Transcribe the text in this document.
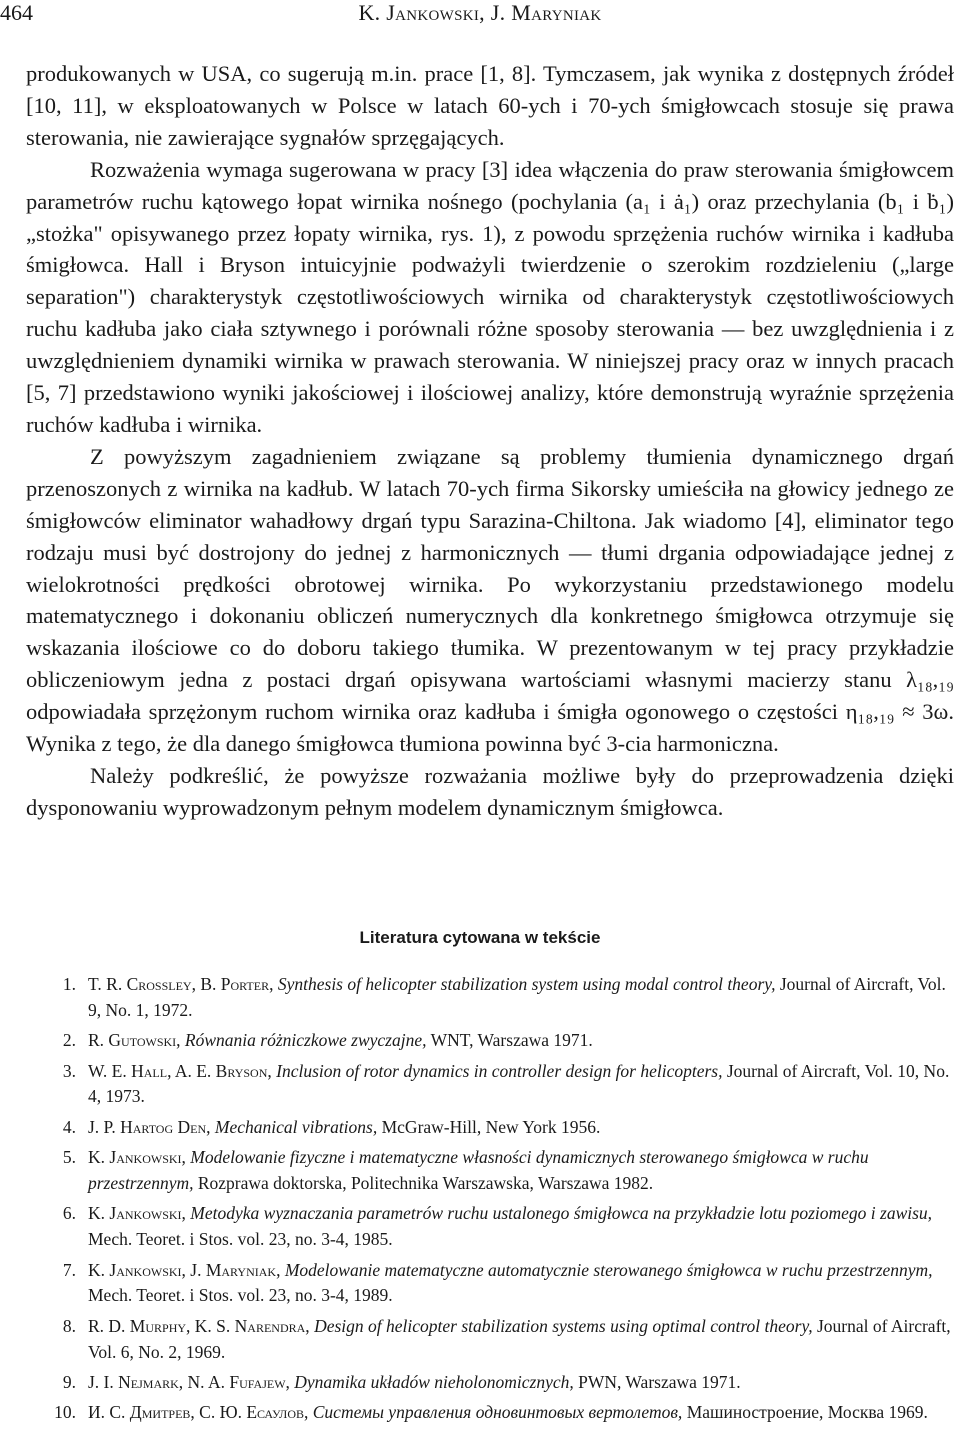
464	K. Jankowski, J. Maryniak

produkowanych w USA, co sugerują m.in. prace [1, 8]. Tymczasem, jak wynika z dostępnych źródeł [10, 11], w eksploatowanych w Polsce w latach 60-ych i 70-ych śmigłowcach stosuje się prawa sterowania, nie zawierające sygnałów sprzęgających.

Rozważenia wymaga sugerowana w pracy [3] idea włączenia do praw sterowania śmigłowcem parametrów ruchu kątowego łopat wirnika nośnego (pochylania (a₁ i ȧ₁) oraz przechylania (b₁ i ḃ₁) „stożka" opisywanego przez łopaty wirnika, rys. 1), z powodu sprzężenia ruchów wirnika i kadłuba śmigłowca. Hall i Bryson intuicyjnie podważyli twierdzenie o szerokim rozdzieleniu („large separation") charakterystyk częstotliwościowych wirnika od charakterystyk częstotliwościowych ruchu kadłuba jako ciała sztywnego i porównali różne sposoby sterowania — bez uwzględnienia i z uwzględnieniem dynamiki wirnika w prawach sterowania. W niniejszej pracy oraz w innych pracach [5, 7] przedstawiono wyniki jakościowej i ilościowej analizy, które demonstrują wyraźnie sprzężenia ruchów kadłuba i wirnika.

Z powyższym zagadnieniem związane są problemy tłumienia dynamicznego drgań przenoszonych z wirnika na kadłub. W latach 70-ych firma Sikorsky umieściła na głowicy jednego ze śmigłowców eliminator wahadłowy drgań typu Sarazina-Chiltona. Jak wiadomo [4], eliminator tego rodzaju musi być dostrojony do jednej z harmonicznych — tłumi drgania odpowiadające jednej z wielokrotności prędkości obrotowej wirnika. Po wykorzystaniu przedstawionego modelu matematycznego i dokonaniu obliczeń numerycznych dla konkretnego śmigłowca otrzymuje się wskazania ilościowe co do doboru takiego tłumika. W prezentowanym w tej pracy przykładzie obliczeniowym jedna z postaci drgań opisywana wartościami własnymi macierzy stanu λ₁₈,₁₉ odpowiadała sprzężonym ruchom wirnika oraz kadłuba i śmigła ogonowego o częstości η₁₈,₁₉ ≈ 3ω. Wynika z tego, że dla danego śmigłowca tłumiona powinna być 3-cia harmoniczna.

Należy podkreślić, że powyższe rozważania możliwe były do przeprowadzenia dzięki dysponowaniu wyprowadzonym pełnym modelem dynamicznym śmigłowca.

Literatura cytowana w tekście
1. T. R. Crossley, B. Porter, Synthesis of helicopter stabilization system using modal control theory, Journal of Aircraft, Vol. 9, No. 1, 1972.
2. R. Gutowski, Równania różniczkowe zwyczajne, WNT, Warszawa 1971.
3. W. E. Hall, A. E. Bryson, Inclusion of rotor dynamics in controller design for helicopters, Journal of Aircraft, Vol. 10, No. 4, 1973.
4. J. P. Hartog Den, Mechanical vibrations, McGraw-Hill, New York 1956.
5. K. Jankowski, Modelowanie fizyczne i matematyczne własności dynamicznych sterowanego śmigłowca w ruchu przestrzennym, Rozprawa doktorska, Politechnika Warszawska, Warszawa 1982.
6. K. Jankowski, Metodyka wyznaczania parametrów ruchu ustalonego śmigłowca na przykładzie lotu poziomego i zawisu, Mech. Teoret. i Stos. vol. 23, no. 3-4, 1985.
7. K. Jankowski, J. Maryniak, Modelowanie matematyczne automatycznie sterowanego śmigłowca w ruchu przestrzennym, Mech. Teoret. i Stos. vol. 23, no. 3-4, 1989.
8. R. D. Murphy, K. S. Narendra, Design of helicopter stabilization systems using optimal control theory, Journal of Aircraft, Vol. 6, No. 2, 1969.
9. J. I. Nejmark, N. A. Fufajew, Dynamika układów nieholonomicznych, PWN, Warszawa 1971.
10. И. С. Дмитрев, С. Ю. Есаулов, Системы управления одновинтовых вертолетов, Машиностроение, Москва 1969.
